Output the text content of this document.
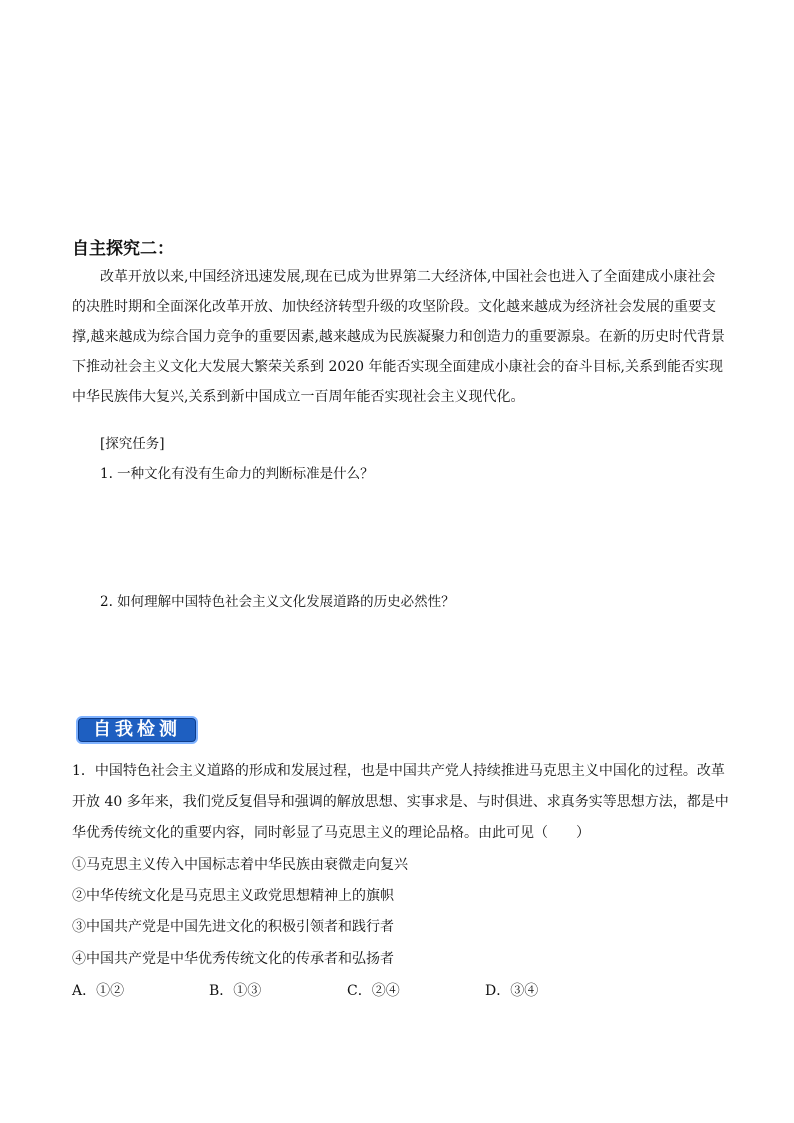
自主探究二：
改革开放以来,中国经济迅速发展,现在已成为世界第二大经济体,中国社会也进入了全面建成小康社会
的决胜时期和全面深化改革开放、加快经济转型升级的攻坚阶段。文化越来越成为经济社会发展的重要支
撑,越来越成为综合国力竞争的重要因素,越来越成为民族凝聚力和创造力的重要源泉。在新的历史时代背景
下推动社会主义文化大发展大繁荣关系到 2020 年能否实现全面建成小康社会的奋斗目标,关系到能否实现
中华民族伟大复兴,关系到新中国成立一百周年能否实现社会主义现代化。
[探究任务]
1. 一种文化有没有生命力的判断标准是什么？
2. 如何理解中国特色社会主义文化发展道路的历史必然性？
自我检测
1．中国特色社会主义道路的形成和发展过程，也是中国共产党人持续推进马克思主义中国化的过程。改革
开放 40 多年来，我们党反复倡导和强调的解放思想、实事求是、与时俱进、求真务实等思想方法，都是中
华优秀传统文化的重要内容，同时彰显了马克思主义的理论品格。由此可见（　　）
①马克思主义传入中国标志着中华民族由衰微走向复兴
②中华传统文化是马克思主义政党思想精神上的旗帜
③中国共产党是中国先进文化的积极引领者和践行者
④中国共产党是中华优秀传统文化的传承者和弘扬者
A．①②	B．①③	C．②④	D．③④
